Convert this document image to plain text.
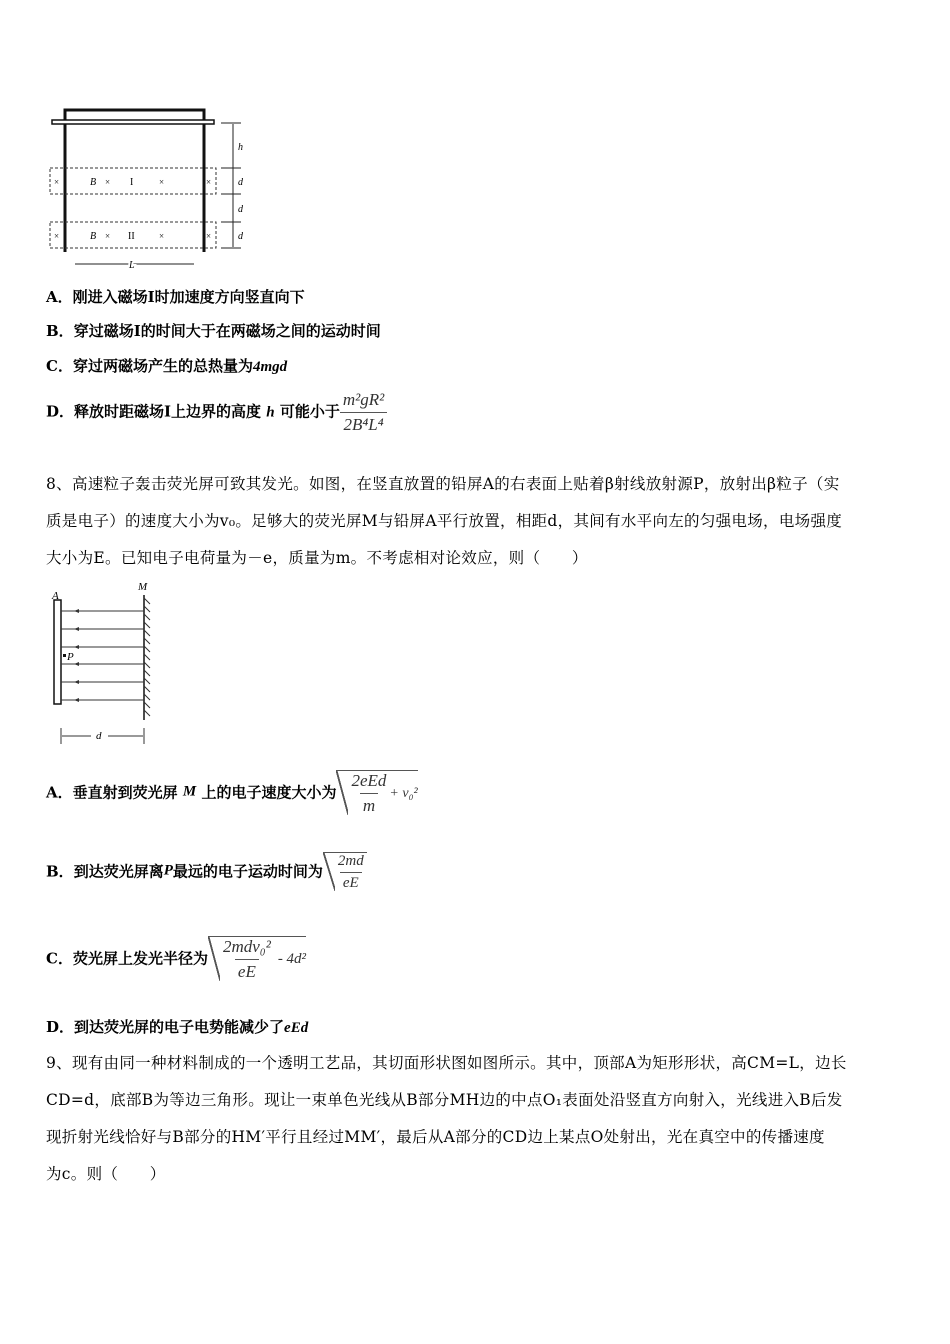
h
d
d
d
B
B
I
II
L
×	×	×	×
×	×	×	×
A．刚进入磁场Ⅰ时加速度方向竖直向下
B．穿过磁场Ⅰ的时间大于在两磁场之间的运动时间
C．穿过两磁场产生的总热量为4mgd
D．释放时距磁场Ⅰ上边界的高度 h 可能小于 $\frac{\text{m²gR²}}{\text{2B⁴L⁴}}$
8、高速粒子轰击荧光屏可致其发光。如图，在竖直放置的铅屏A的右表面上贴着β射线放射源P，放射出β粒子（实
质是电子）的速度大小为v₀。足够大的荧光屏M与铅屏A平行放置，相距d，其间有水平向左的匀强电场，电场强度
大小为E。已知电子电荷量为－e，质量为m。不考虑相对论效应，则（　　）
A
M
P
d
A．垂直射到荧光屏 M 上的电子速度大小为 $\frac{\text{2eEd}}{m} + v_0^2$
B．到达荧光屏离P最远的电子运动时间为 $\frac{2md}{eE}$
C．荧光屏上发光半径为 $\frac{\text{2mdv₀²}}{eE} - 4d^2$
D．到达荧光屏的电子电势能减少了eEd
9、现有由同一种材料制成的一个透明工艺品，其切面形状图如图所示。其中，顶部A为矩形形状，高CM=L，边长
CD=d，底部B为等边三角形。现让一束单色光线从B部分MH边的中点O₁表面处沿竖直方向射入，光线进入B后发
现折射光线恰好与B部分的HM′平行且经过MM′，最后从A部分的CD边上某点O处射出，光在真空中的传播速度
为c。则（　　）
